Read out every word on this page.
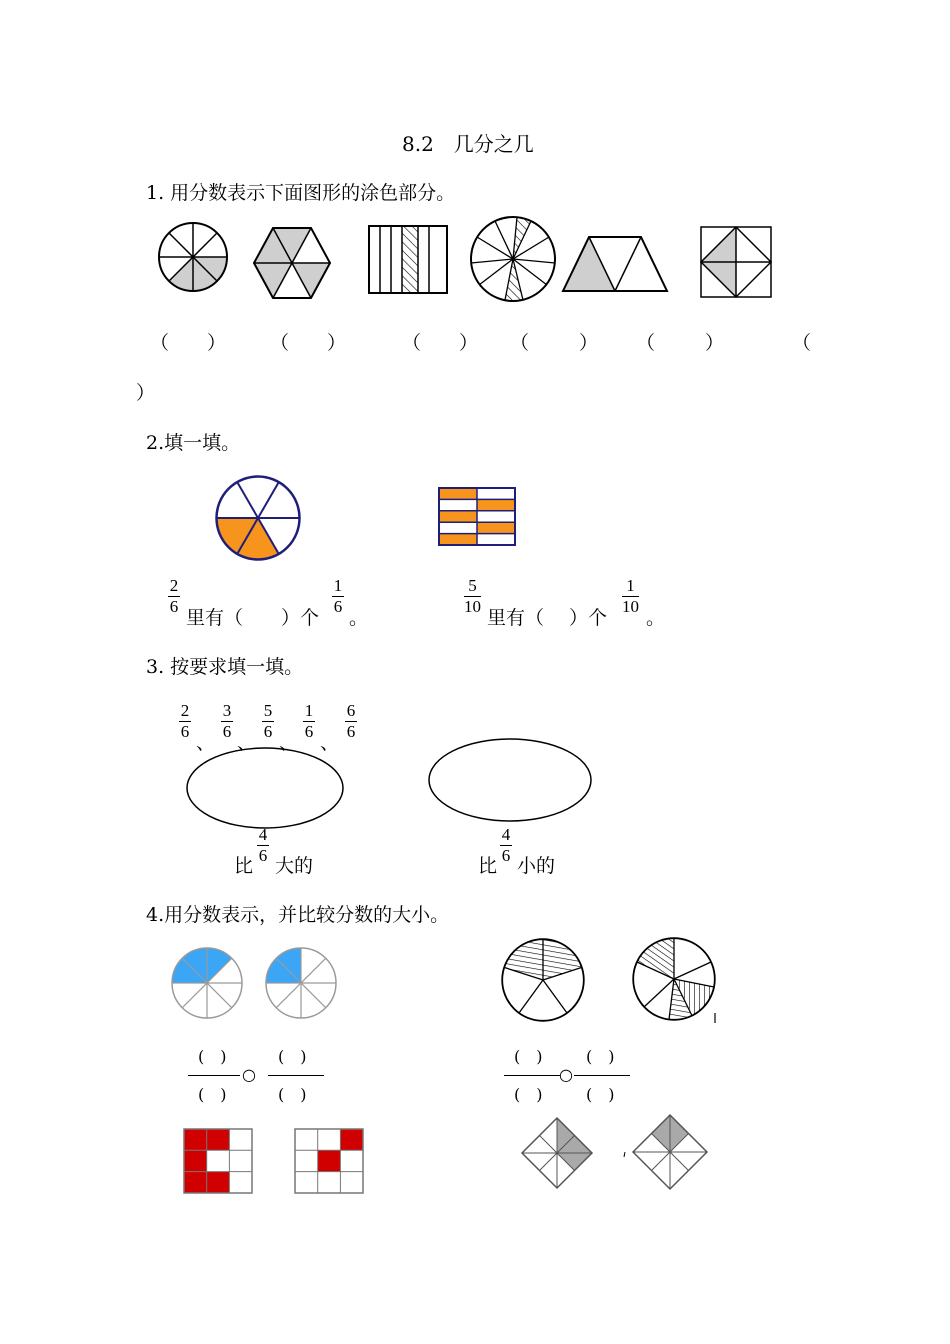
8.2　几分之几
1. 用分数表示下面图形的涂色部分。
（　　） （　　）	（　　） （　　） （　　）	（
）
2.填一填。
2
6
里有（　　）个
1
6
。
5
10
里有（　 ）个
1
10
。
3. 按要求填一填。
2
6
、
3
6
、
5
6
、
1
6
、
6
6
比
4
6 大的	比
4
6 小的
4.用分数表示，并比较分数的大小。
(　)	(　)
○
(　)	(　)
(　)	(　)
○
(　)	(　)
